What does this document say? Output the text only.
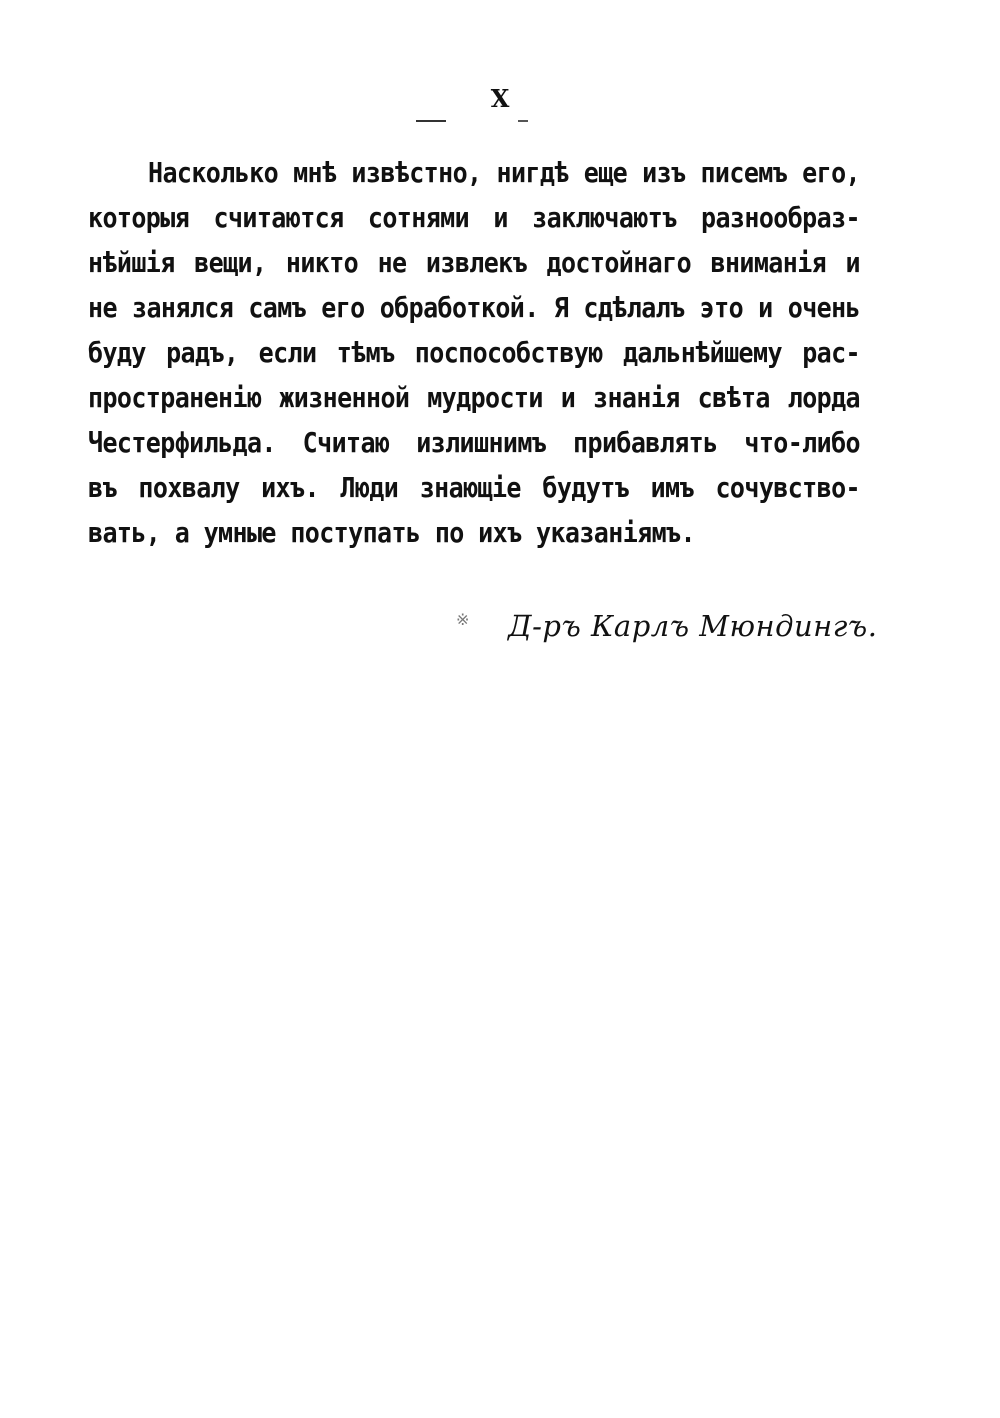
X
Насколько мнѣ извѣстно, нигдѣ еще изъ писемъ его,
которыя считаются сотнями и заключаютъ разнообраз-
нѣйшія вещи, никто не извлекъ достойнаго вниманія и
не занялся самъ его обработкой. Я сдѣлалъ это и очень
буду радъ, если тѣмъ поспособствую дальнѣйшему рас-
пространенію жизненной мудрости и знанія свѣта лорда
Честерфильда. Считаю излишнимъ прибавлять что-либо
въ похвалу ихъ. Люди знающіе будутъ имъ сочувство-
вать, а умные поступать по ихъ указаніямъ.
※ Д-ръ Карлъ Мюндингъ.
